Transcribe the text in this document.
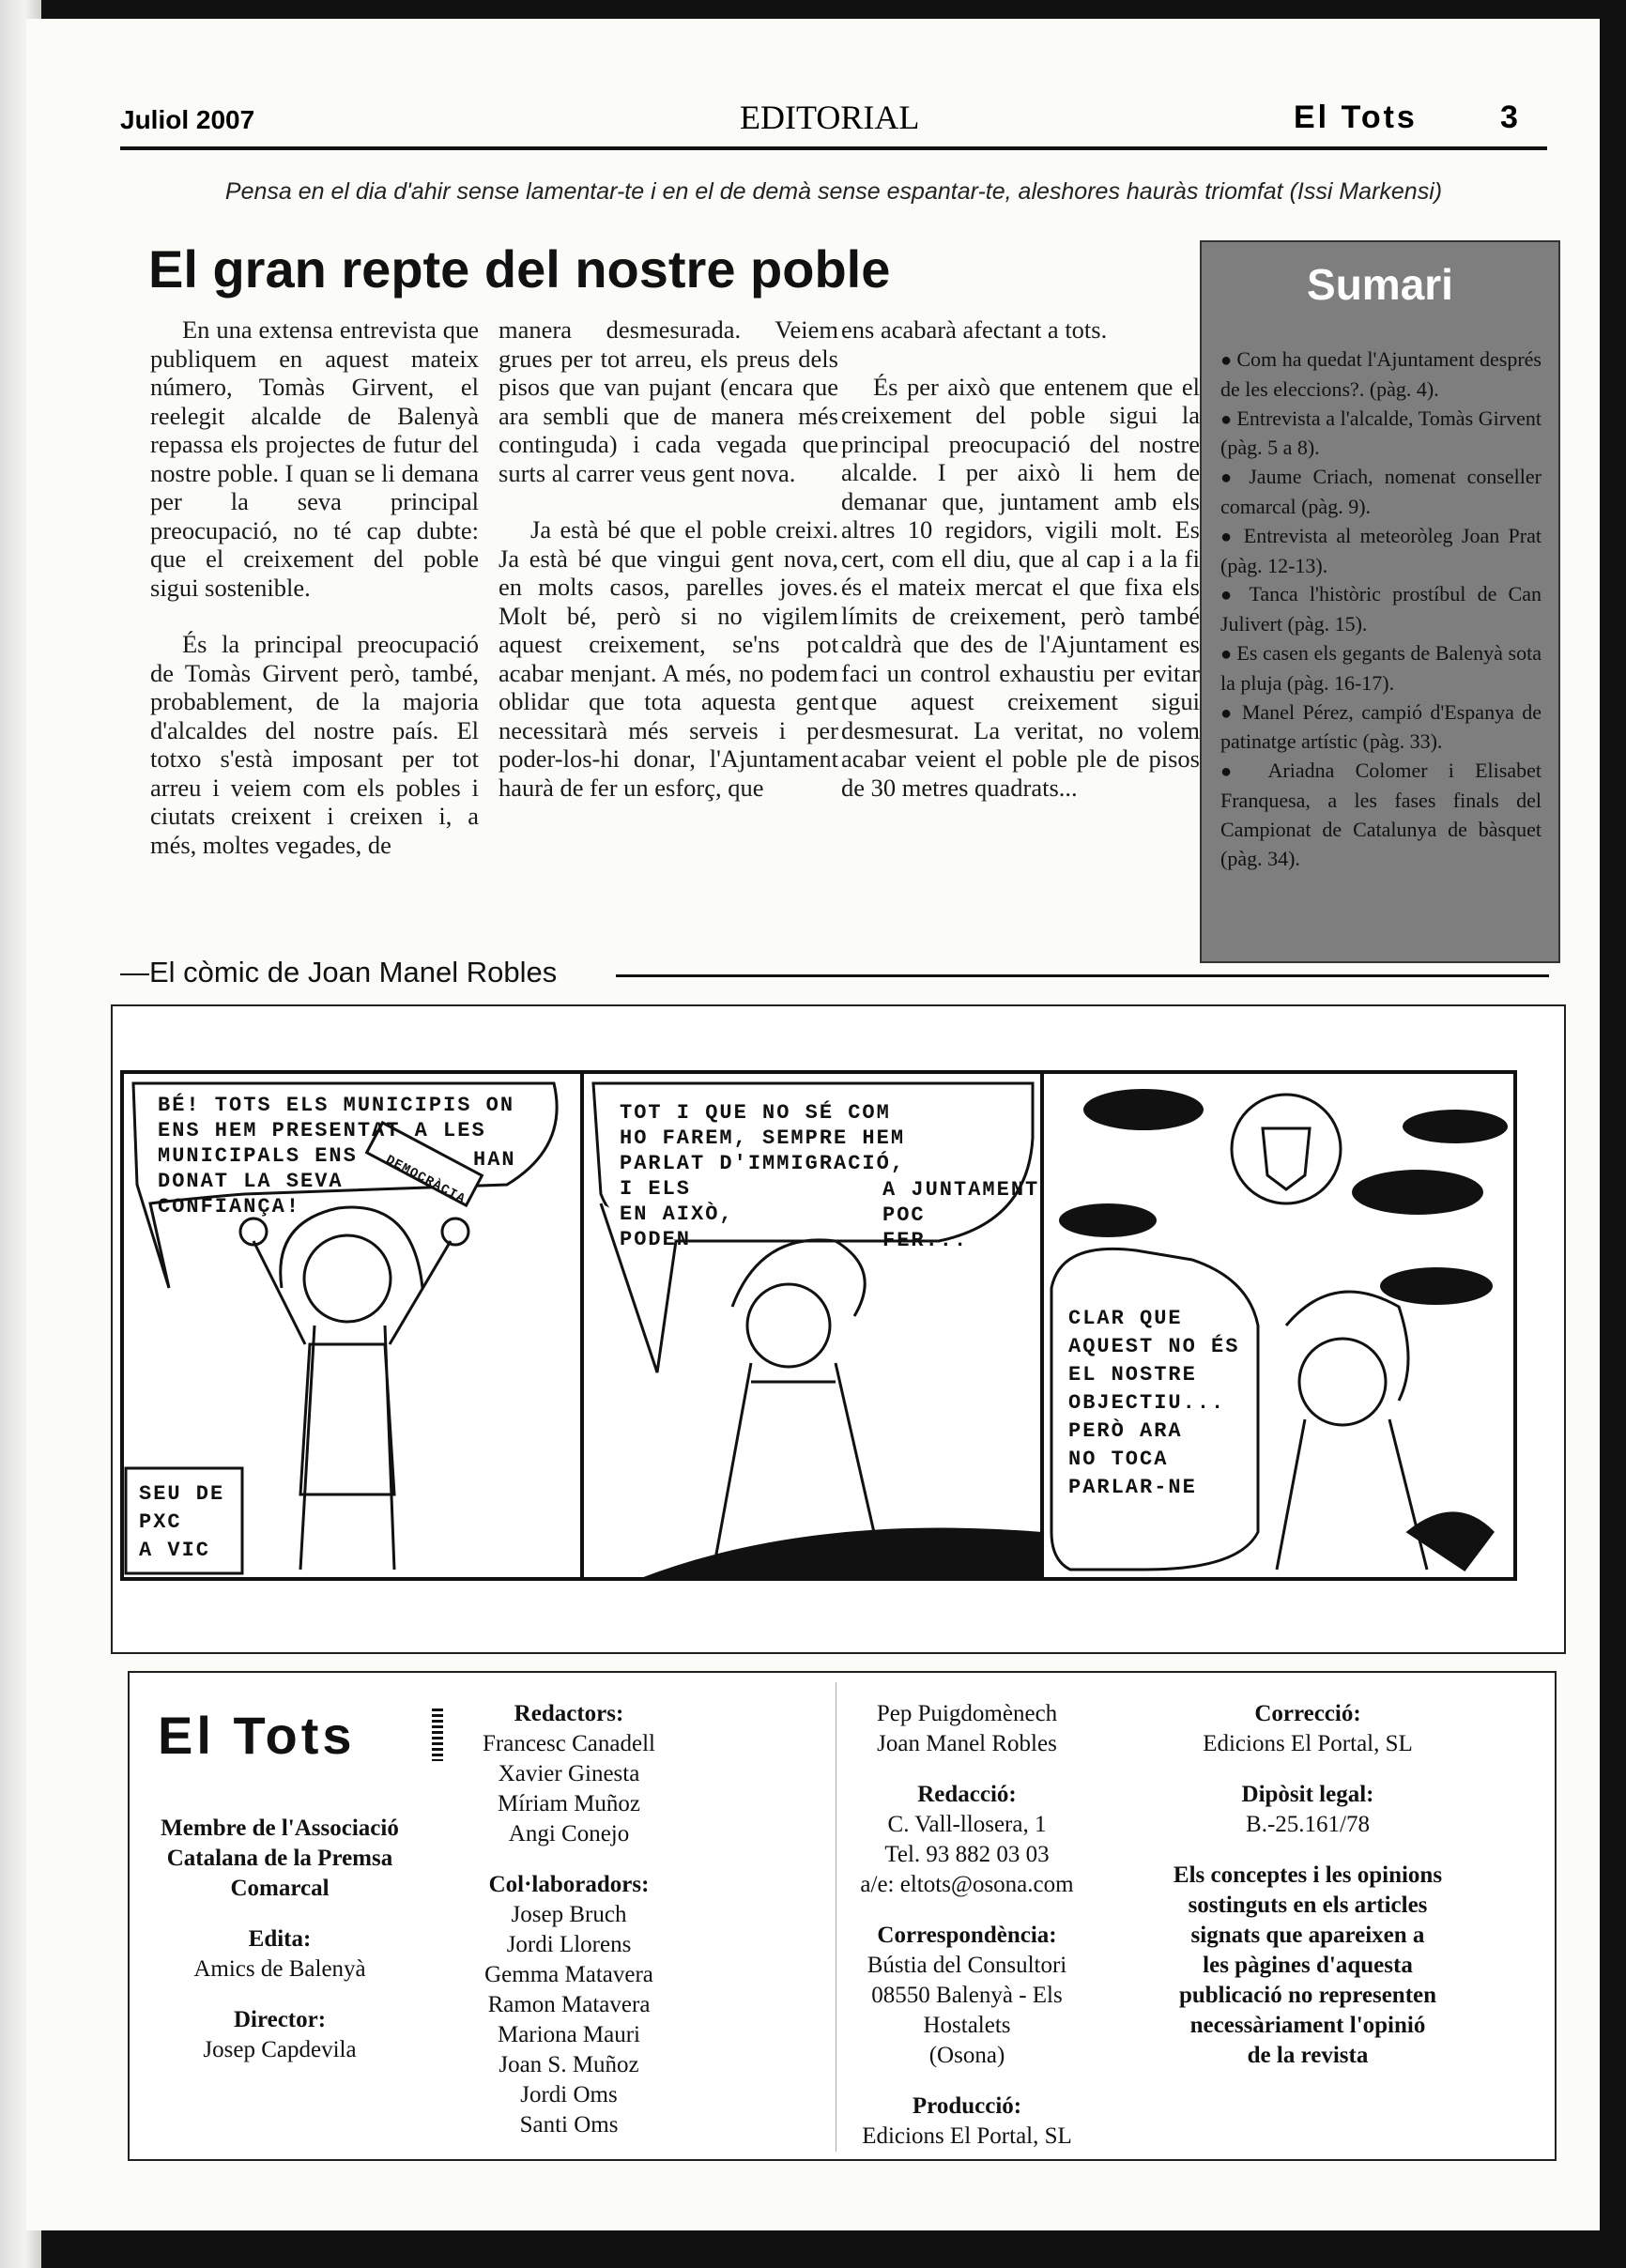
Juliol 2007	EDITORIAL	El Tots	3
Pensa en el dia d'ahir sense lamentar-te i en el de demà sense espantar-te, aleshores hauràs triomfat (Issi Markensi)
El gran repte del nostre poble

En una extensa entrevista que publiquem en aquest mateix número, Tomàs Girvent, el reelegit alcalde de Balenyà repassa els projectes de futur del nostre poble. I quan se li demana per la seva principal preocupació, no té cap dubte: que el creixement del poble sigui sostenible.

És la principal preocupació de Tomàs Girvent però, també, probablement, de la majoria d'alcaldes del nostre país. El totxo s'està imposant per tot arreu i veiem com els pobles i ciutats creixent i creixen i, a més, moltes vegades, de

manera desmesurada. Veiem grues per tot arreu, els preus dels pisos que van pujant (encara que ara sembli que de manera més continguda) i cada vegada que surts al carrer veus gent nova.

Ja està bé que el poble creixi. Ja està bé que vingui gent nova, en molts casos, parelles joves. Molt bé, però si no vigilem aquest creixement, se'ns pot acabar menjant. A més, no podem oblidar que tota aquesta gent necessitarà més serveis i per poder-los-hi donar, l'Ajuntament haurà de fer un esforç, que

ens acabarà afectant a tots.

És per això que entenem que el creixement del poble sigui la principal preocupació del nostre alcalde. I per això li hem de demanar que, juntament amb els altres 10 regidors, vigili molt. Es cert, com ell diu, que al cap i a la fi és el mateix mercat el que fixa els límits de creixement, però també caldrà que des de l'Ajuntament es faci un control exhaustiu per evitar que aquest creixement sigui desmesurat. La veritat, no volem acabar veient el poble ple de pisos de 30 metres quadrats...

Sumari
● Com ha quedat l'Ajuntament després de les eleccions?. (pàg. 4).
● Entrevista a l'alcalde, Tomàs Girvent (pàg. 5 a 8).
● Jaume Criach, nomenat conseller comarcal (pàg. 9).
● Entrevista al meteoròleg Joan Prat (pàg. 12-13).
● Tanca l'històric prostíbul de Can Julivert (pàg. 15).
● Es casen els gegants de Balenyà sota la pluja (pàg. 16-17).
● Manel Pérez, campió d'Espanya de patinatge artístic (pàg. 33).
● Ariadna Colomer i Elisabet Franquesa, a les fases finals del Campionat de Catalunya de bàsquet (pàg. 34).
—El còmic de Joan Manel Robles
BÉ! TOTS ELS MUNICIPIS ON
ENS HEM PRESENTAT A LES
MUNICIPALS ENS
DONAT LA SEVA
CONFIANÇA!
HAN
DEMOCRÀCIA
SEU DE
PXC
A VIC
TOT I QUE NO SÉ COM
HO FAREM, SEMPRE HEM
PARLAT D'IMMIGRACIÓ,
I ELS
EN AIXÒ,
PODEN
A JUNTAMENT
POC
FER...
CLAR QUE
AQUEST NO ÉS
EL NOSTRE
OBJECTIU...
PERÒ ARA
NO TOCA
PARLAR-NE
El Tots
Membre de l'Associació
Catalana de la Premsa
Comarcal
Edita:
Amics de Balenyà
Director:
Josep Capdevila
Redactors:
Francesc Canadell
Xavier Ginesta
Míriam Muñoz
Angi Conejo
Col·laboradors:
Josep Bruch
Jordi Llorens
Gemma Matavera
Ramon Matavera
Mariona Mauri
Joan S. Muñoz
Jordi Oms
Santi Oms
Pep Puigdomènech
Joan Manel Robles
Redacció:
C. Vall-llosera, 1
Tel. 93 882 03 03
a/e: eltots@osona.com
Correspondència:
Bústia del Consultori
08550 Balenyà - Els Hostalets
(Osona)
Producció:
Edicions El Portal, SL
Correcció:
Edicions El Portal, SL
Dipòsit legal:
B.-25.161/78
Els conceptes i les opinions
sostinguts en els articles
signats que apareixen a
les pàgines d'aquesta
publicació no representen
necessàriament l'opinió
de la revista
